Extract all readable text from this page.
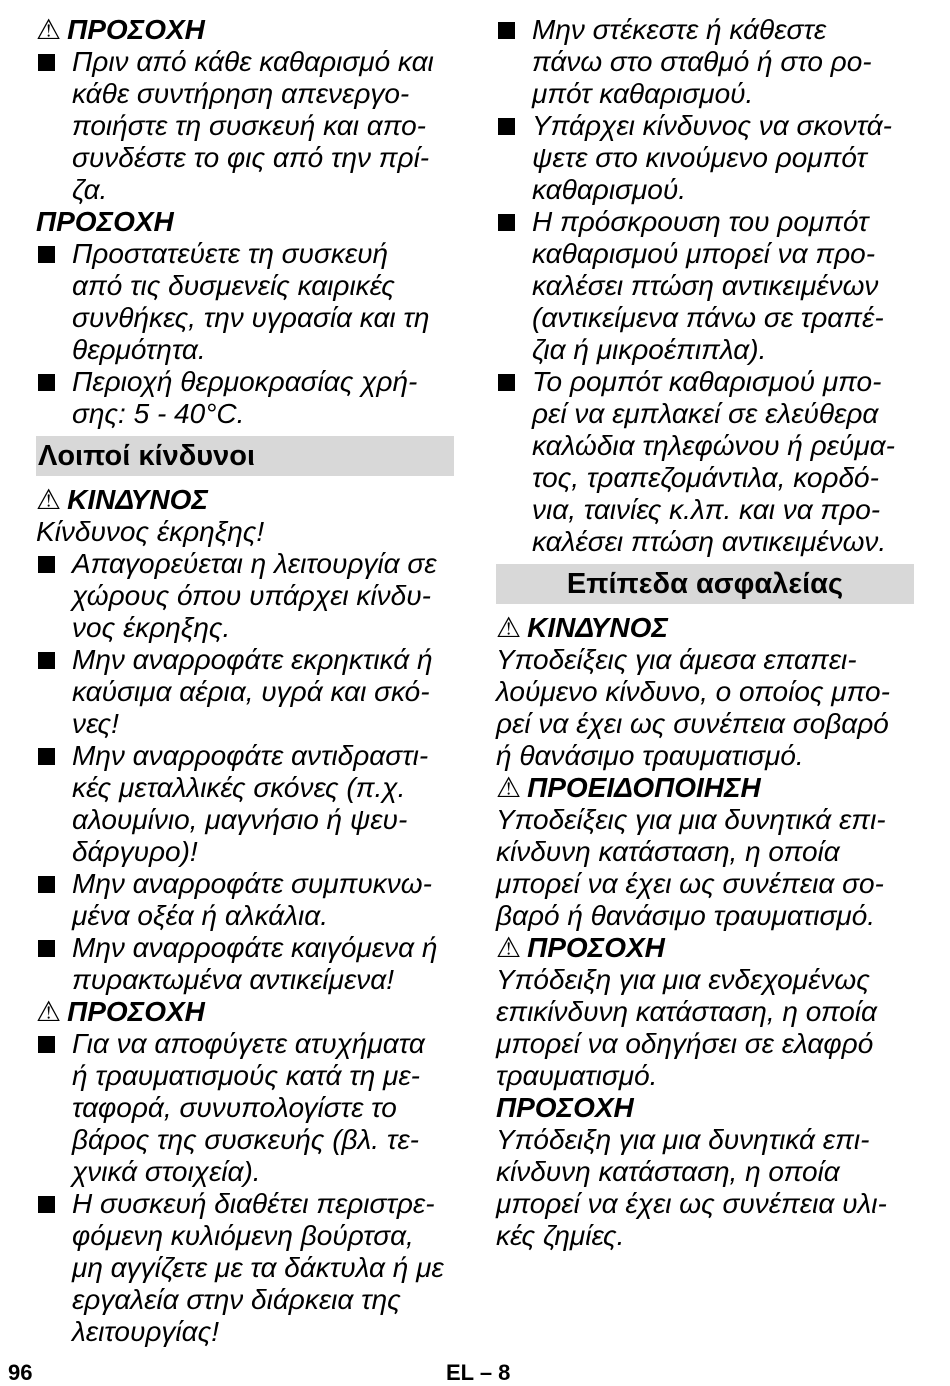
⚠ ΠΡΟΣΟΧΗ
Πριν από κάθε καθαρισμό και
κάθε συντήρηση απενεργο-
ποιήστε τη συσκευή και απο-
συνδέστε το φις από την πρί-
ζα.
ΠΡΟΣΟΧΗ
Προστατεύετε τη συσκευή
από τις δυσμενείς καιρικές
συνθήκες, την υγρασία και τη
θερμότητα.
Περιοχή θερμοκρασίας χρή-
σης: 5 - 40°C.
Λοιποί κίνδυνοι
⚠ ΚΙΝΔΥΝΟΣ
Κίνδυνος έκρηξης!
Απαγορεύεται η λειτουργία σε
χώρους όπου υπάρχει κίνδυ-
νος έκρηξης.
Μην αναρροφάτε εκρηκτικά ή
καύσιμα αέρια, υγρά και σκό-
νες!
Μην αναρροφάτε αντιδραστι-
κές μεταλλικές σκόνες (π.χ.
αλουμίνιο, μαγνήσιο ή ψευ-
δάργυρο)!
Μην αναρροφάτε συμπυκνω-
μένα οξέα ή αλκάλια.
Μην αναρροφάτε καιγόμενα ή
πυρακτωμένα αντικείμενα!
⚠ ΠΡΟΣΟΧΗ
Για να αποφύγετε ατυχήματα
ή τραυματισμούς κατά τη με-
ταφορά, συνυπολογίστε το
βάρος της συσκευής (βλ. τε-
χνικά στοιχεία).
Η συσκευή διαθέτει περιστρε-
φόμενη κυλιόμενη βούρτσα,
μη αγγίζετε με τα δάκτυλα ή με
εργαλεία στην διάρκεια της
λειτουργίας!
Μην στέκεστε ή κάθεστε
πάνω στο σταθμό ή στο ρο-
μπότ καθαρισμού.
Υπάρχει κίνδυνος να σκοντά-
ψετε στο κινούμενο ρομπότ
καθαρισμού.
Η πρόσκρουση του ρομπότ
καθαρισμού μπορεί να προ-
καλέσει πτώση αντικειμένων
(αντικείμενα πάνω σε τραπέ-
ζια ή μικροέπιπλα).
Το ρομπότ καθαρισμού μπο-
ρεί να εμπλακεί σε ελεύθερα
καλώδια τηλεφώνου ή ρεύμα-
τος, τραπεζομάντιλα, κορδό-
νια, ταινίες κ.λπ. και να προ-
καλέσει πτώση αντικειμένων.
Επίπεδα ασφαλείας
⚠ ΚΙΝΔΥΝΟΣ
Υποδείξεις για άμεσα επαπει-
λούμενο κίνδυνο, ο οποίος μπο-
ρεί να έχει ως συνέπεια σοβαρό
ή θανάσιμο τραυματισμό.
⚠ ΠΡΟΕΙΔΟΠΟΙΗΣΗ
Υποδείξεις για μια δυνητικά επι-
κίνδυνη κατάσταση, η οποία
μπορεί να έχει ως συνέπεια σο-
βαρό ή θανάσιμο τραυματισμό.
⚠ ΠΡΟΣΟΧΗ
Υπόδειξη για μια ενδεχομένως
επικίνδυνη κατάσταση, η οποία
μπορεί να οδηγήσει σε ελαφρό
τραυματισμό.
ΠΡΟΣΟΧΗ
Υπόδειξη για μια δυνητικά επι-
κίνδυνη κατάσταση, η οποία
μπορεί να έχει ως συνέπεια υλι-
κές ζημίες.
96	EL – 8
